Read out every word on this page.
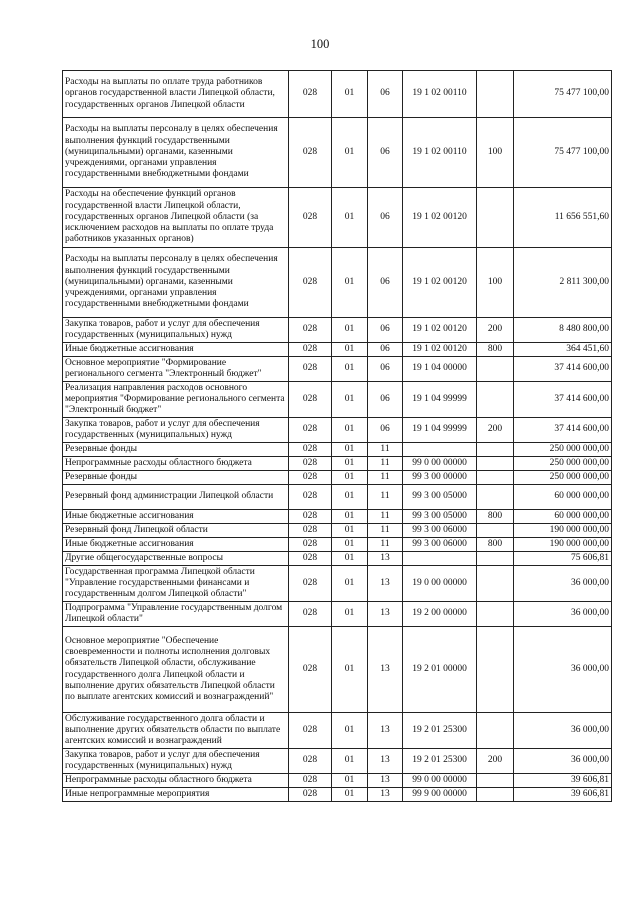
100
Расходы на выплаты по оплате труда работников органов государственной власти Липецкой области, государственных органов Липецкой области	028	01	06	19 1 02 00110		75 477 100,00
Расходы на выплаты персоналу в целях обеспечения выполнения функций государственными (муниципальными) органами, казенными учреждениями, органами управления государственными внебюджетными фондами	028	01	06	19 1 02 00110	100	75 477 100,00
Расходы на обеспечение функций органов государственной власти Липецкой области, государственных органов Липецкой области (за исключением расходов на выплаты по оплате труда работников указанных органов)	028	01	06	19 1 02 00120		11 656 551,60
Расходы на выплаты персоналу в целях обеспечения выполнения функций государственными (муниципальными) органами, казенными учреждениями, органами управления государственными внебюджетными фондами	028	01	06	19 1 02 00120	100	2 811 300,00
Закупка товаров, работ и услуг для обеспечения государственных (муниципальных) нужд	028	01	06	19 1 02 00120	200	8 480 800,00
Иные бюджетные ассигнования	028	01	06	19 1 02 00120	800	364 451,60
Основное мероприятие "Формирование регионального сегмента "Электронный бюджет"	028	01	06	19 1 04 00000		37 414 600,00
Реализация направления расходов основного мероприятия "Формирование регионального сегмента "Электронный бюджет"	028	01	06	19 1 04 99999		37 414 600,00
Закупка товаров, работ и услуг для обеспечения государственных (муниципальных) нужд	028	01	06	19 1 04 99999	200	37 414 600,00
Резервные фонды	028	01	11			250 000 000,00
Непрограммные расходы областного бюджета	028	01	11	99 0 00 00000		250 000 000,00
Резервные фонды	028	01	11	99 3 00 00000		250 000 000,00
Резервный фонд администрации Липецкой области	028	01	11	99 3 00 05000		60 000 000,00
Иные бюджетные ассигнования	028	01	11	99 3 00 05000	800	60 000 000,00
Резервный фонд Липецкой области	028	01	11	99 3 00 06000		190 000 000,00
Иные бюджетные ассигнования	028	01	11	99 3 00 06000	800	190 000 000,00
Другие общегосударственные вопросы	028	01	13			75 606,81
Государственная программа Липецкой области "Управление государственными финансами и государственным долгом Липецкой области"	028	01	13	19 0 00 00000		36 000,00
Подпрограмма "Управление государственным долгом Липецкой области"	028	01	13	19 2 00 00000		36 000,00
Основное мероприятие "Обеспечение своевременности и полноты исполнения долговых обязательств Липецкой области, обслуживание государственного долга Липецкой области и выполнение других обязательств Липецкой области по выплате агентских комиссий и вознаграждений"	028	01	13	19 2 01 00000		36 000,00
Обслуживание государственного долга области и выполнение других обязательств области по выплате агентских комиссий и вознаграждений	028	01	13	19 2 01 25300		36 000,00
Закупка товаров, работ и услуг для обеспечения государственных (муниципальных) нужд	028	01	13	19 2 01 25300	200	36 000,00
Непрограммные расходы областного бюджета	028	01	13	99 0 00 00000		39 606,81
Иные непрограммные мероприятия	028	01	13	99 9 00 00000		39 606,81
